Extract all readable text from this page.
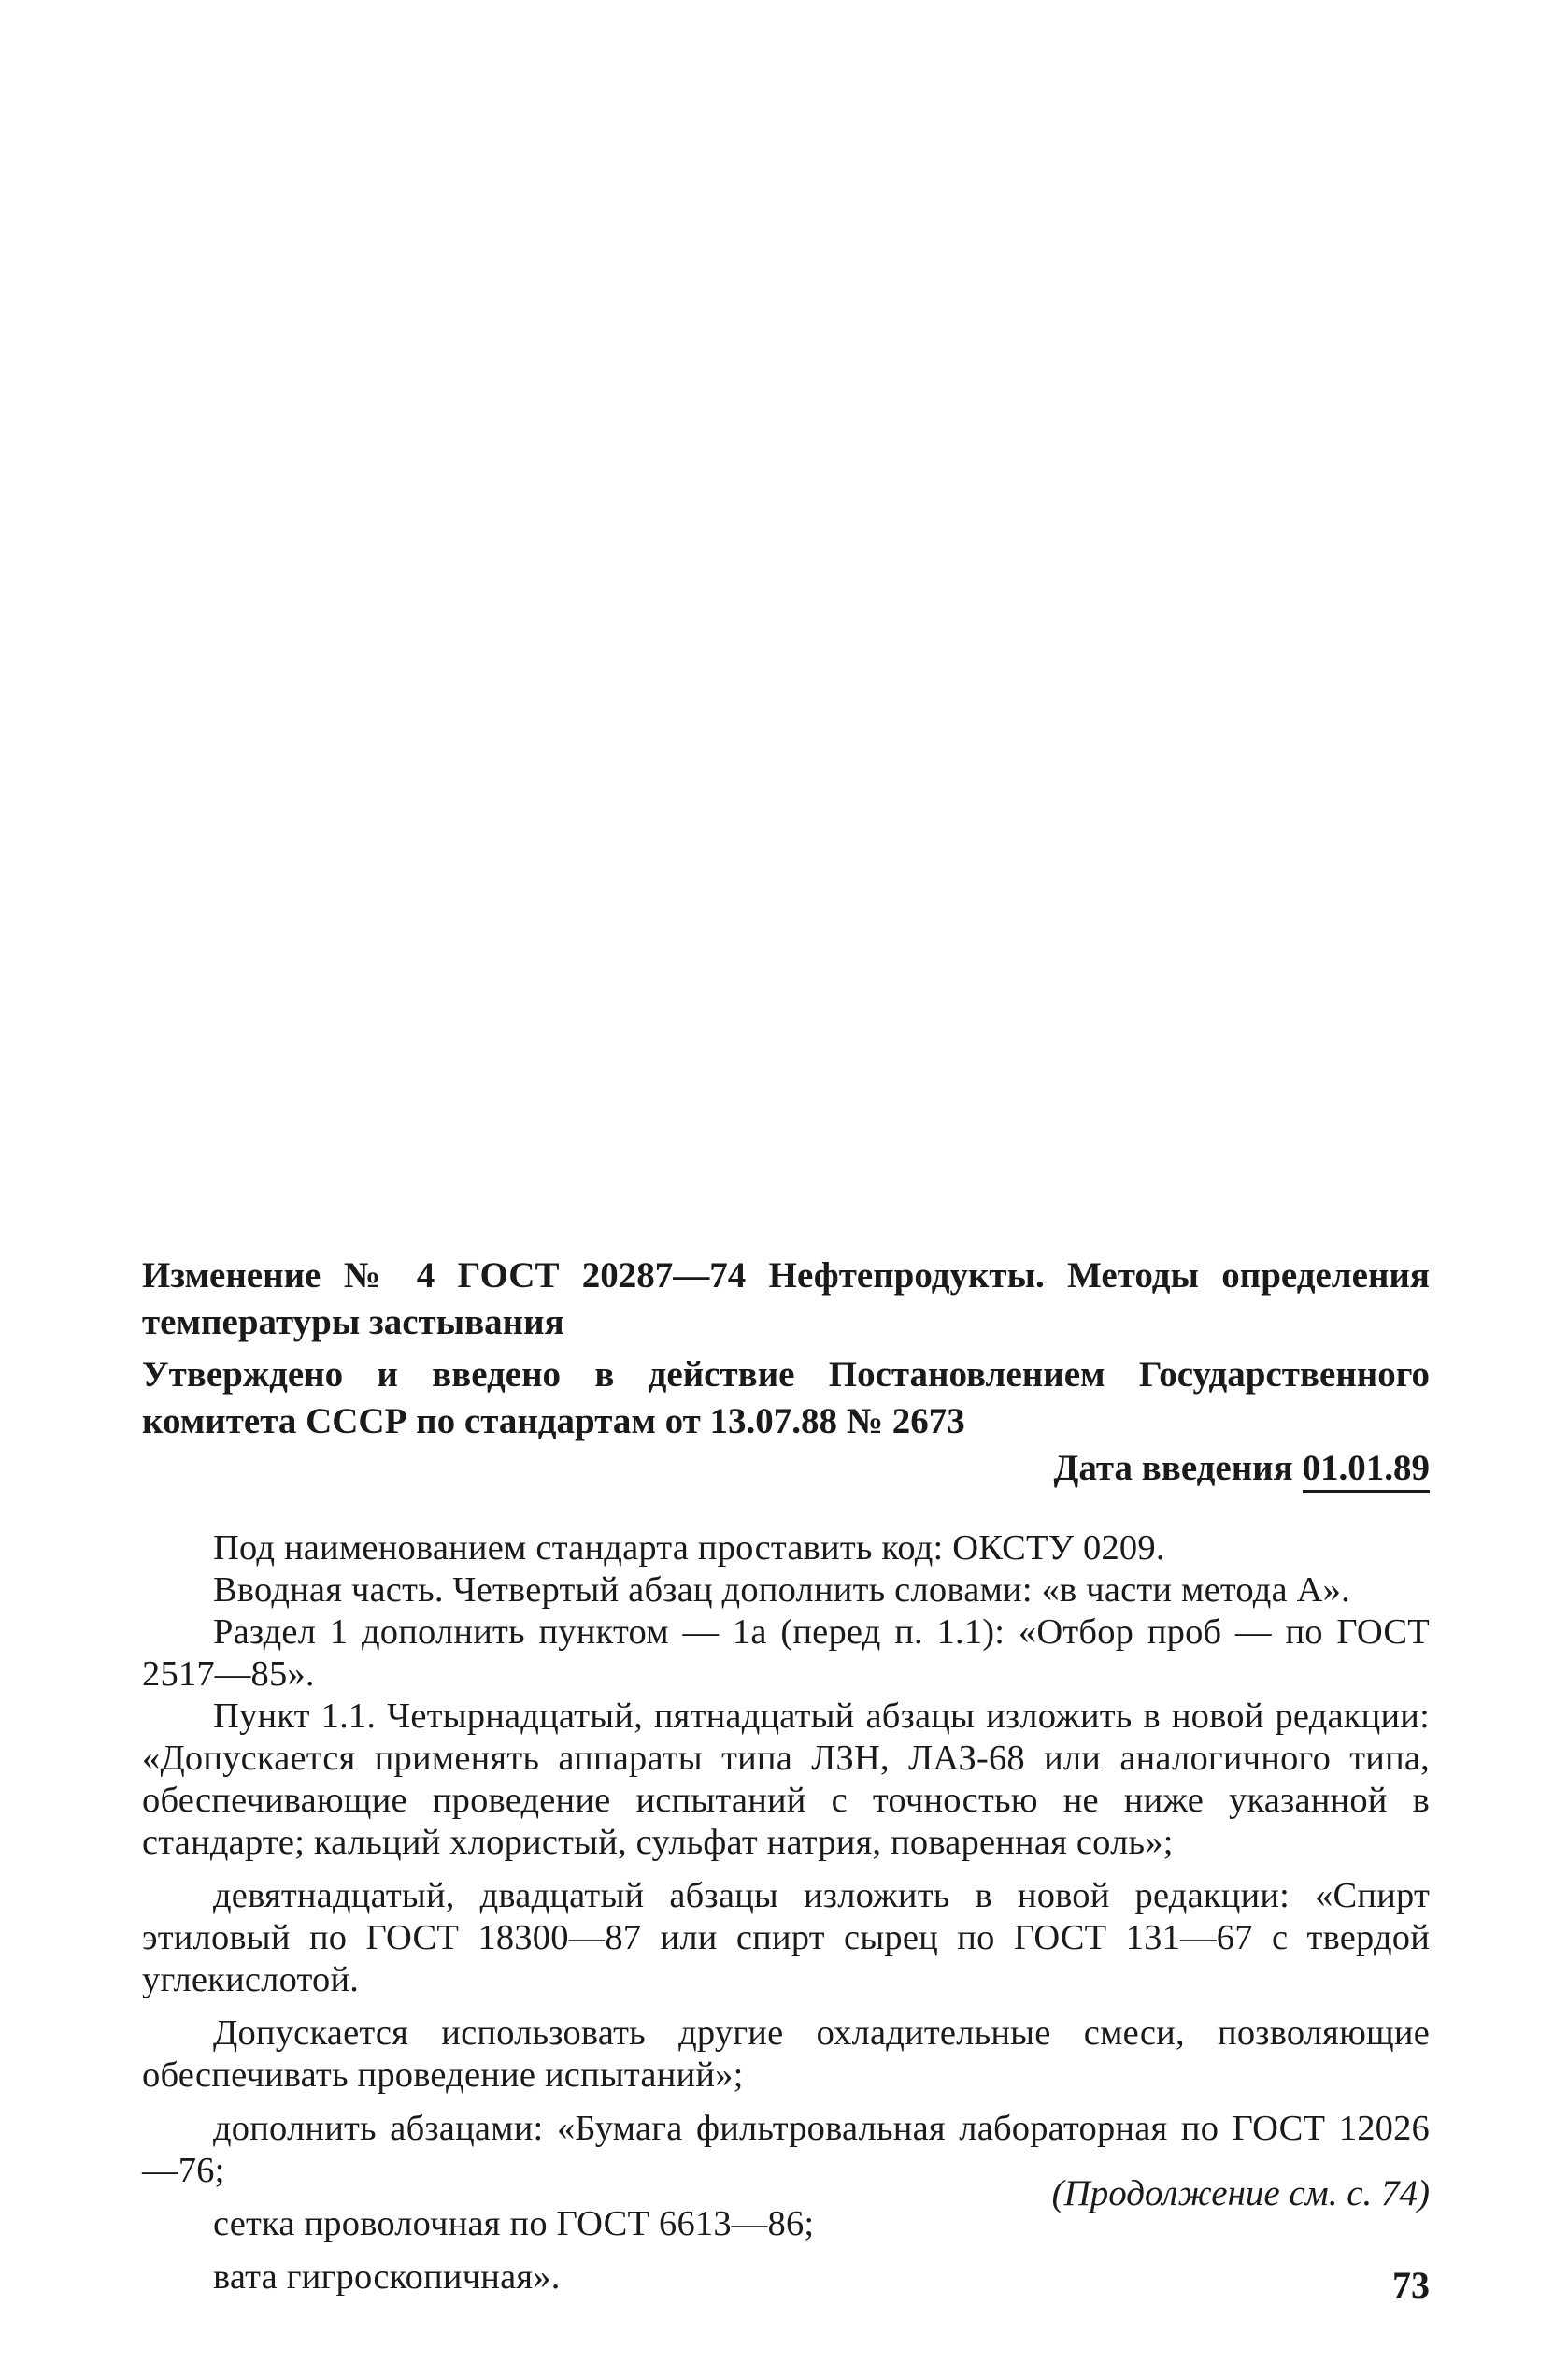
Изменение № 4 ГОСТ 20287—74 Нефтепродукты. Методы определения температуры застывания
Утверждено и введено в действие Постановлением Государственного комитета СССР по стандартам от 13.07.88 № 2673
Дата введения 01.01.89

Под наименованием стандарта проставить код: ОКСТУ 0209.

Вводная часть. Четвертый абзац дополнить словами: «в части метода А».

Раздел 1 дополнить пунктом — 1а (перед п. 1.1): «Отбор проб — по ГОСТ 2517—85».

Пункт 1.1. Четырнадцатый, пятнадцатый абзацы изложить в новой редакции: «Допускается применять аппараты типа ЛЗН, ЛАЗ-68 или аналогичного типа, обеспечивающие проведение испытаний с точностью не ниже указанной в стандарте; кальций хлористый, сульфат натрия, поваренная соль»;

девятнадцатый, двадцатый абзацы изложить в новой редакции: «Спирт этиловый по ГОСТ 18300—87 или спирт сырец по ГОСТ 131—67 с твердой углекислотой.

Допускается использовать другие охладительные смеси, позволяющие обеспечивать проведение испытаний»;

дополнить абзацами: «Бумага фильтровальная лабораторная по ГОСТ 12026—76;

сетка проволочная по ГОСТ 6613—86;

вата гигроскопичная».

(Продолжение см. с. 74)
73
